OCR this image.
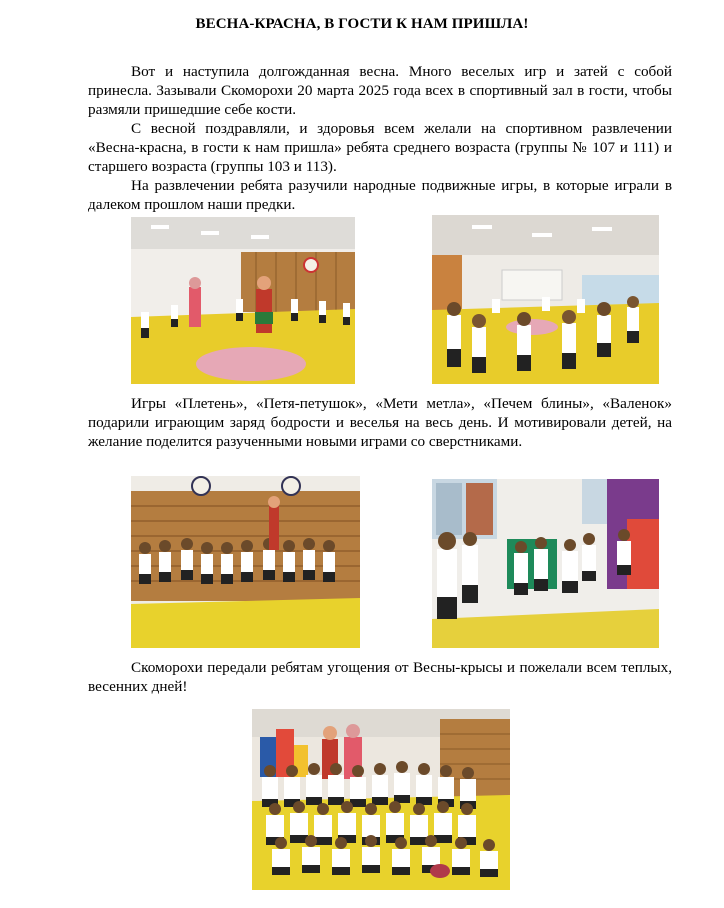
ВЕСНА-КРАСНА, В ГОСТИ К НАМ ПРИШЛА!

Вот и наступила долгожданная весна. Много веселых игр и затей с собой принесла. Зазывали Скоморохи 20 марта 2025 года всех в спортивный зал в гости, чтобы размяли пришедшие себе кости.

С весной поздравляли, и здоровья всем желали на спортивном развлечении «Весна-красна, в гости к нам пришла» ребята среднего возраста (группы № 107 и 111) и старшего возраста (группы 103 и 113).

На развлечении ребята разучили народные подвижные игры, в которые играли в далеком прошлом наши предки.

Игры «Плетень», «Петя-петушок», «Мети метла», «Печем блины», «Валенок» подарили играющим заряд бодрости и веселья на весь день. И мотивировали детей, на желание поделится разученными новыми играми со сверстниками.

Скоморохи передали ребятам угощения от Весны-крысы и пожелали всем теплых, весенних дней!
